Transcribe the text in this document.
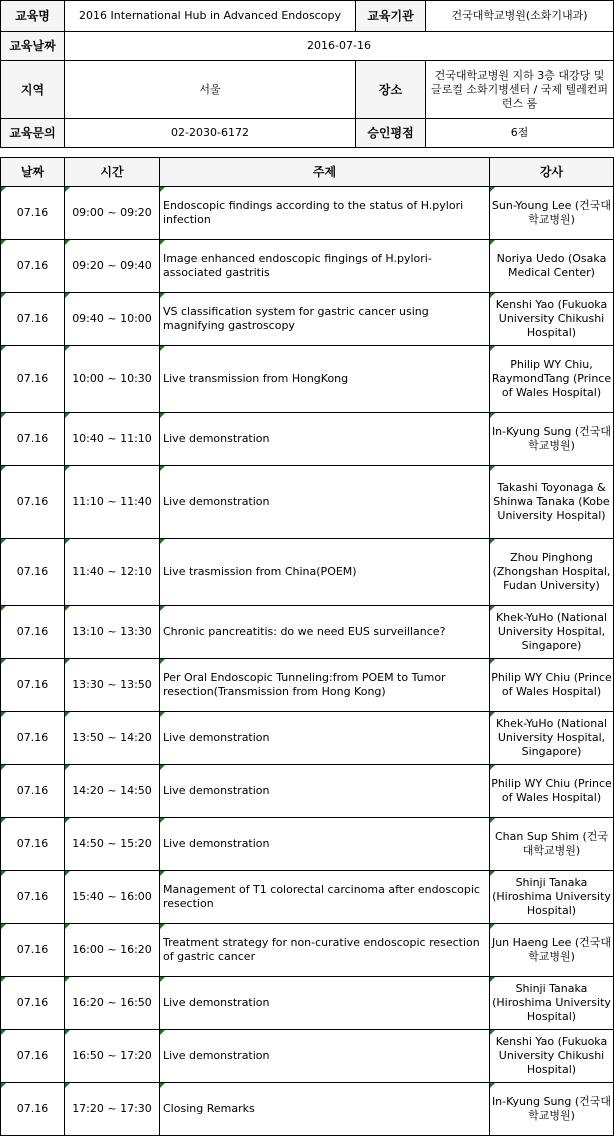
교육명	2016 International Hub in Advanced Endoscopy	교육기관	건국대학교병원(소화기내과)
교육날짜	2016-07-16		
지역	서울	장소	건국대학교병원 지하 3층 대강당 및 글로컬 소화기병센터 / 국제 텔레컨퍼런스 룸
교육문의	02-2030-6172	승인평점	6점
날짜	시간	주제	강사
07.16	09:00 ~ 09:20	Endoscopic findings according to the status of H.pylori infection	Sun-Young Lee (건국대학교병원)

07.16	09:20 ~ 09:40	Image enhanced endoscopic fingings of H.pylori-associated gastritis	Noriya Uedo (Osaka Medical Center)

07.16	09:40 ~ 10:00	VS classification system for gastric cancer using magnifying gastroscopy	Kenshi Yao (Fukuoka University Chikushi Hospital)

07.16	10:00 ~ 10:30	Live transmission from HongKong	Philip WY Chiu, RaymondTang (Prince of Wales Hospital)

07.16	10:40 ~ 11:10	Live demonstration	In-Kyung Sung (건국대학교병원)

07.16	11:10 ~ 11:40	Live demonstration	Takashi Toyonaga & Shinwa Tanaka (Kobe University Hospital)

07.16	11:40 ~ 12:10	Live trasmission from China(POEM)	Zhou Pinghong (Zhongshan Hospital, Fudan University)

07.16	13:10 ~ 13:30	Chronic pancreatitis: do we need EUS surveillance?	Khek-YuHo (National University Hospital, Singapore)

07.16	13:30 ~ 13:50	Per Oral Endoscopic Tunneling:from POEM to Tumor resection(Transmission from Hong Kong)	Philip WY Chiu (Prince of Wales Hospital)

07.16	13:50 ~ 14:20	Live demonstration	Khek-YuHo (National University Hospital, Singapore)

07.16	14:20 ~ 14:50	Live demonstration	Philip WY Chiu (Prince of Wales Hospital)

07.16	14:50 ~ 15:20	Live demonstration	Chan Sup Shim (건국대학교병원)

07.16	15:40 ~ 16:00	Management of T1 colorectal carcinoma after endoscopic resection	Shinji Tanaka (Hiroshima University Hospital)

07.16	16:00 ~ 16:20	Treatment strategy for non-curative endoscopic resection of gastric cancer	Jun Haeng Lee (건국대학교병원)

07.16	16:20 ~ 16:50	Live demonstration	Shinji Tanaka (Hiroshima University Hospital)

07.16	16:50 ~ 17:20	Live demonstration	Kenshi Yao (Fukuoka University Chikushi Hospital)

07.16	17:20 ~ 17:30	Closing Remarks	In-Kyung Sung (건국대학교병원)
